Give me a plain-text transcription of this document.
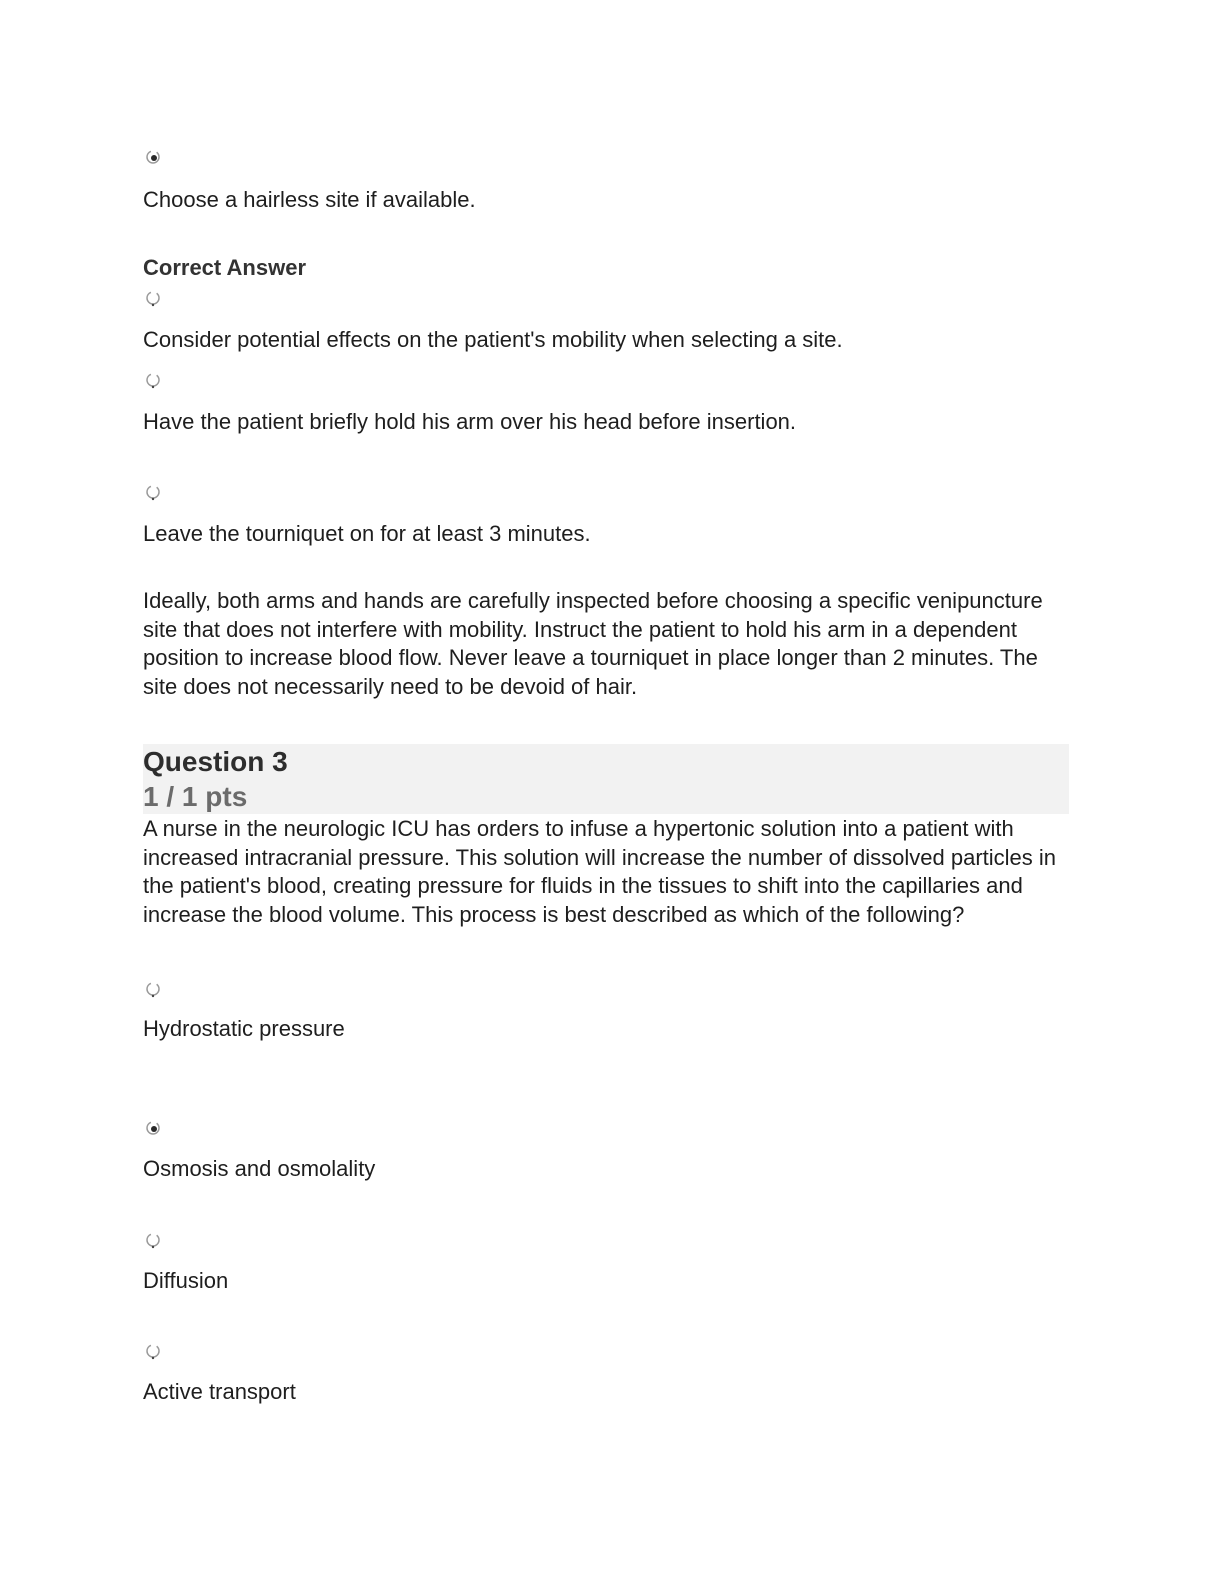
Choose a hairless site if available.
Correct Answer
Consider potential effects on the patient's mobility when selecting a site.
Have the patient briefly hold his arm over his head before insertion.
Leave the tourniquet on for at least 3 minutes.
Ideally, both arms and hands are carefully inspected before choosing a specific venipuncture site that does not interfere with mobility. Instruct the patient to hold his arm in a dependent position to increase blood flow. Never leave a tourniquet in place longer than 2 minutes. The site does not necessarily need to be devoid of hair.
Question 3
1 / 1 pts
A nurse in the neurologic ICU has orders to infuse a hypertonic solution into a patient with increased intracranial pressure. This solution will increase the number of dissolved particles in the patient's blood, creating pressure for fluids in the tissues to shift into the capillaries and increase the blood volume. This process is best described as which of the following?
Hydrostatic pressure
Osmosis and osmolality
Diffusion
Active transport
